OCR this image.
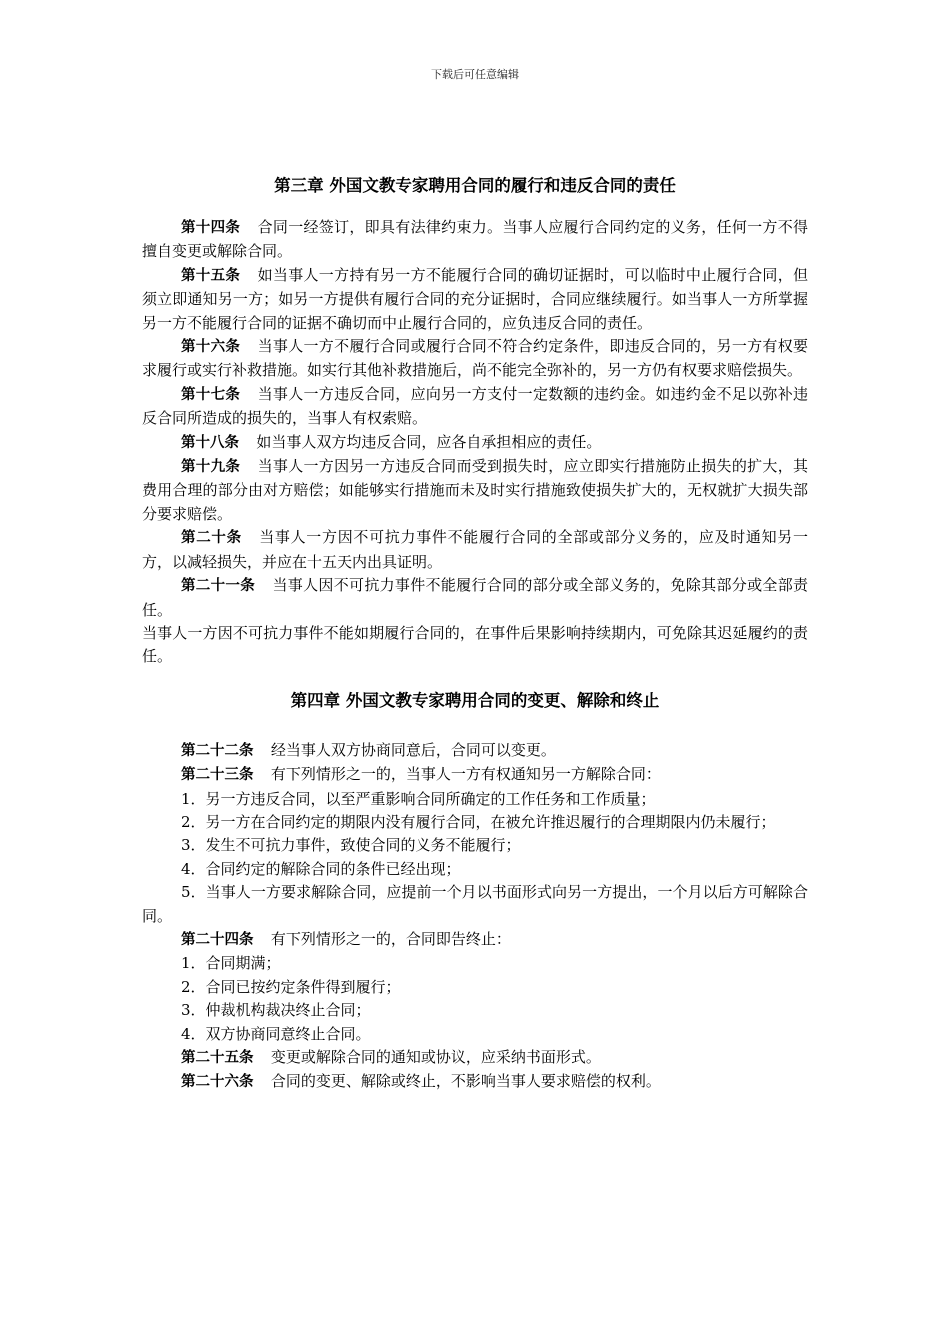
下载后可任意编辑
第三章 外国文教专家聘用合同的履行和违反合同的责任

第十四条 合同一经签订，即具有法律约束力。当事人应履行合同约定的义务，任何一方不得擅自变更或解除合同。

第十五条 如当事人一方持有另一方不能履行合同的确切证据时，可以临时中止履行合同，但须立即通知另一方；如另一方提供有履行合同的充分证据时，合同应继续履行。如当事人一方所掌握另一方不能履行合同的证据不确切而中止履行合同的，应负违反合同的责任。

第十六条 当事人一方不履行合同或履行合同不符合约定条件，即违反合同的，另一方有权要求履行或实行补救措施。如实行其他补救措施后，尚不能完全弥补的，另一方仍有权要求赔偿损失。

第十七条 当事人一方违反合同，应向另一方支付一定数额的违约金。如违约金不足以弥补违反合同所造成的损失的，当事人有权索赔。

第十八条 如当事人双方均违反合同，应各自承担相应的责任。

第十九条 当事人一方因另一方违反合同而受到损失时，应立即实行措施防止损失的扩大，其费用合理的部分由对方赔偿；如能够实行措施而未及时实行措施致使损失扩大的，无权就扩大损失部分要求赔偿。

第二十条 当事人一方因不可抗力事件不能履行合同的全部或部分义务的，应及时通知另一方，以减轻损失，并应在十五天内出具证明。

第二十一条 当事人因不可抗力事件不能履行合同的部分或全部义务的，免除其部分或全部责任。

当事人一方因不可抗力事件不能如期履行合同的，在事件后果影响持续期内，可免除其迟延履约的责任。

第四章 外国文教专家聘用合同的变更、解除和终止

第二十二条 经当事人双方协商同意后，合同可以变更。

第二十三条 有下列情形之一的，当事人一方有权通知另一方解除合同：

1．另一方违反合同，以至严重影响合同所确定的工作任务和工作质量；

2．另一方在合同约定的期限内没有履行合同，在被允许推迟履行的合理期限内仍未履行；

3．发生不可抗力事件，致使合同的义务不能履行；

4．合同约定的解除合同的条件已经出现；

5．当事人一方要求解除合同，应提前一个月以书面形式向另一方提出，一个月以后方可解除合同。

第二十四条 有下列情形之一的，合同即告终止：

1．合同期满；

2．合同已按约定条件得到履行；

3．仲裁机构裁决终止合同；

4．双方协商同意终止合同。

第二十五条 变更或解除合同的通知或协议，应采纳书面形式。

第二十六条 合同的变更、解除或终止，不影响当事人要求赔偿的权利。
